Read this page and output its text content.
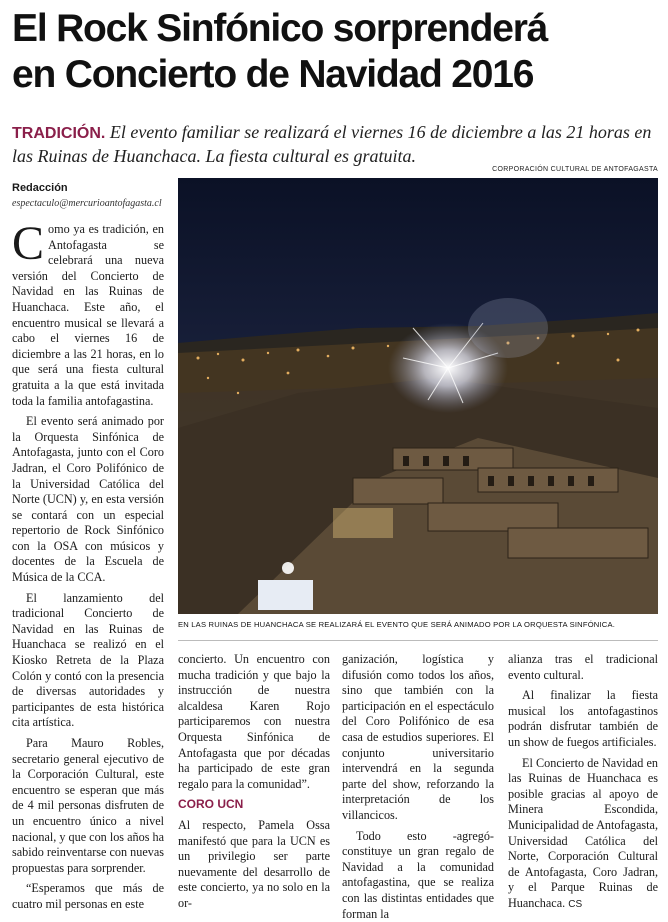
El Rock Sinfónico sorprenderá
en Concierto de Navidad 2016

TRADICIÓN. El evento familiar se realizará el viernes 16 de diciembre a las 21 horas en las Ruinas de Huanchaca. La fiesta cultural es gratuita.

CORPORACIÓN CULTURAL DE ANTOFAGASTA
Redacción
espectaculo@mercurioantofagasta.cl
EN LAS RUINAS DE HUANCHACA SE REALIZARÁ EL EVENTO QUE SERÁ ANIMADO POR LA ORQUESTA SINFÓNICA.

Como ya es tradición, en Antofagasta se celebrará una nueva versión del Concierto de Navidad en las Ruinas de Huanchaca. Este año, el encuentro musical se llevará a cabo el viernes 16 de diciembre a las 21 horas, en lo que será una fiesta cultural gratuita a la que está invitada toda la familia antofagastina.

El evento será animado por la Orquesta Sinfónica de Antofagasta, junto con el Coro Jadran, el Coro Polifónico de la Universidad Católica del Norte (UCN) y, en esta versión se contará con un especial repertorio de Rock Sinfónico con la OSA con músicos y docentes de la Escuela de Música de la CCA.

El lanzamiento del tradicional Concierto de Navidad en las Ruinas de Huanchaca se realizó en el Kiosko Retreta de la Plaza Colón y contó con la presencia de diversas autoridades y participantes de esta histórica cita artística.

Para Mauro Robles, secretario general ejecutivo de la Corporación Cultural, este encuentro se esperan que más de 4 mil personas disfruten de un encuentro único a nivel nacional, y que con los años ha sabido reinventarse con nuevas propuestas para sorprender.

“Esperamos que más de cuatro mil personas en este

concierto. Un encuentro con mucha tradición y que bajo la instrucción de nuestra alcaldesa Karen Rojo participaremos con nuestra Orquesta Sinfónica de Antofagasta que por décadas ha participado de este gran regalo para la comunidad”.

CORO UCN

Al respecto, Pamela Ossa manifestó que para la UCN es un privilegio ser parte nuevamente del desarrollo de este concierto, ya no solo en la or-

ganización, logística y difusión como todos los años, sino que también con la participación en el espectáculo del Coro Polifónico de esa casa de estudios superiores. El conjunto universitario intervendrá en la segunda parte del show, reforzando la interpretación de los villancicos.

Todo esto -agregó- constituye un gran regalo de Navidad a la comunidad antofagastina, que se realiza con las distintas entidades que forman la

alianza tras el tradicional evento cultural.

Al finalizar la fiesta musical los antofagastinos podrán disfrutar también de un show de fuegos artificiales.

El Concierto de Navidad en las Ruinas de Huanchaca es posible gracias al apoyo de Minera Escondida, Municipalidad de Antofagasta, Universidad Católica del Norte, Corporación Cultural de Antofagasta, Coro Jadran, y el Parque Ruinas de Huanchaca. CS
